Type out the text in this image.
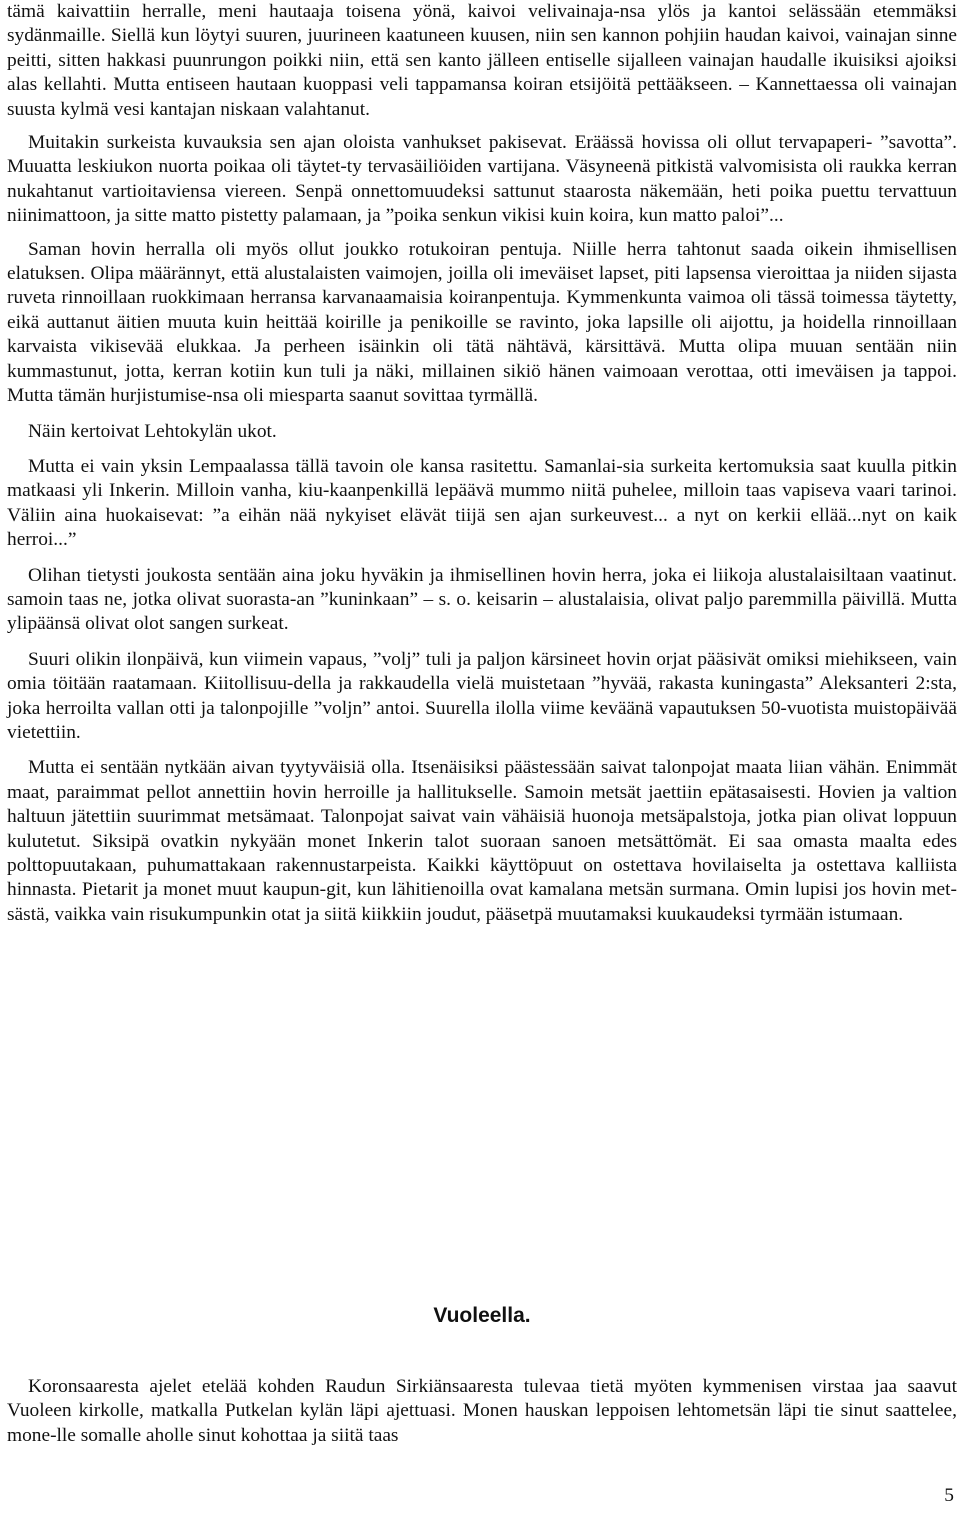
tämä kaivattiin herralle, meni hautaaja toisena yönä, kaivoi velivainaja-nsa ylös ja kantoi selässään etemmäksi sydänmaille. Siellä kun löytyi suuren, juurineen kaatuneen kuusen, niin sen kannon pohjiin haudan kaivoi, vainajan sinne peitti, sitten hakkasi puunrungon poikki niin, että sen kanto jälleen entiselle sijalleen vainajan haudalle ikuisiksi ajoiksi alas kellahti. Mutta entiseen hautaan kuoppasi veli tappamansa koiran etsijöitä pettääkseen. – Kannettaessa oli vainajan suusta kylmä vesi kantajan niskaan valahtanut.

Muitakin surkeista kuvauksia sen ajan oloista vanhukset pakisevat. Eräässä hovissa oli ollut tervapaperi- ”savotta”. Muuatta leskiukon nuorta poikaa oli täytet-ty tervasäiliöiden vartijana. Väsyneenä pitkistä valvomisista oli raukka kerran nukahtanut vartioitaviensa viereen. Senpä onnettomuudeksi sattunut staarosta näkemään, heti poika puettu tervattuun niinimattoon, ja sitte matto pistetty palamaan, ja ”poika senkun vikisi kuin koira, kun matto paloi”...

Saman hovin herralla oli myös ollut joukko rotukoiran pentuja. Niille herra tahtonut saada oikein ihmisellisen elatuksen. Olipa määrännyt, että alustalaisten vaimojen, joilla oli imeväiset lapset, piti lapsensa vieroittaa ja niiden sijasta ruveta rinnoillaan ruokkimaan herransa karvanaamaisia koiranpentuja. Kymmenkunta vaimoa oli tässä toimessa täytetty, eikä auttanut äitien muuta kuin heittää koirille ja penikoille se ravinto, joka lapsille oli aijottu, ja hoidella rinnoillaan karvaista vikisevää elukkaa. Ja perheen isäinkin oli tätä nähtävä, kärsittävä. Mutta olipa muuan sentään niin kummastunut, jotta, kerran kotiin kun tuli ja näki, millainen sikiö hänen vaimoaan verottaa, otti imeväisen ja tappoi. Mutta tämän hurjistumise-nsa oli miesparta saanut sovittaa tyrmällä.

Näin kertoivat Lehtokylän ukot.

Mutta ei vain yksin Lempaalassa tällä tavoin ole kansa rasitettu. Samanlai-sia surkeita kertomuksia saat kuulla pitkin matkaasi yli Inkerin. Milloin vanha, kiu-kaanpenkillä lepäävä mummo niitä puhelee, milloin taas vapiseva vaari tarinoi. Väliin aina huokaisevat: ”a eihän nää nykyiset elävät tiijä sen ajan surkeuvest... a nyt on kerkii ellää...nyt on kaik herroi...”

Olihan tietysti joukosta sentään aina joku hyväkin ja ihmisellinen hovin herra, joka ei liikoja alustalaisiltaan vaatinut. samoin taas ne, jotka olivat suorasta-an ”kuninkaan” – s. o. keisarin – alustalaisia, olivat paljo paremmilla päivillä. Mutta ylipäänsä olivat olot sangen surkeat.

Suuri olikin ilonpäivä, kun viimein vapaus, ”volj” tuli ja paljon kärsineet hovin orjat pääsivät omiksi miehikseen, vain omia töitään raatamaan. Kiitollisuu-della ja rakkaudella vielä muistetaan ”hyvää, rakasta kuningasta” Aleksanteri 2:sta, joka herroilta vallan otti ja talonpojille ”voljn” antoi. Suurella ilolla viime keväänä vapautuksen 50-vuotista muistopäivää vietettiin.

Mutta ei sentään nytkään aivan tyytyväisiä olla. Itsenäisiksi päästessään saivat talonpojat maata liian vähän. Enimmät maat, paraimmat pellot annettiin hovin herroille ja hallitukselle. Samoin metsät jaettiin epätasaisesti. Hovien ja valtion haltuun jätettiin suurimmat metsämaat. Talonpojat saivat vain vähäisiä huonoja metsäpalstoja, jotka pian olivat loppuun kulutetut. Siksipä ovatkin nykyään monet Inkerin talot suoraan sanoen metsättömät. Ei saa omasta maalta edes polttopuutakaan, puhumattakaan rakennustarpeista. Kaikki käyttöpuut on ostettava hovilaiselta ja ostettava kalliista hinnasta. Pietarit ja monet muut kaupun-git, kun lähitienoilla ovat kamalana metsän surmana. Omin lupisi jos hovin met-sästä, vaikka vain risukumpunkin otat ja siitä kiikkiin joudut, pääsetpä muutamaksi kuukaudeksi tyrmään istumaan.

Vuoleella.

Koronsaaresta ajelet etelää kohden Raudun Sirkiänsaaresta tulevaa tietä myöten kymmenisen virstaa jaa saavut Vuoleen kirkolle, matkalla Putkelan kylän läpi ajettuasi. Monen hauskan leppoisen lehtometsän läpi tie sinut saattelee, mone-lle somalle aholle sinut kohottaa ja siitä taas

5
